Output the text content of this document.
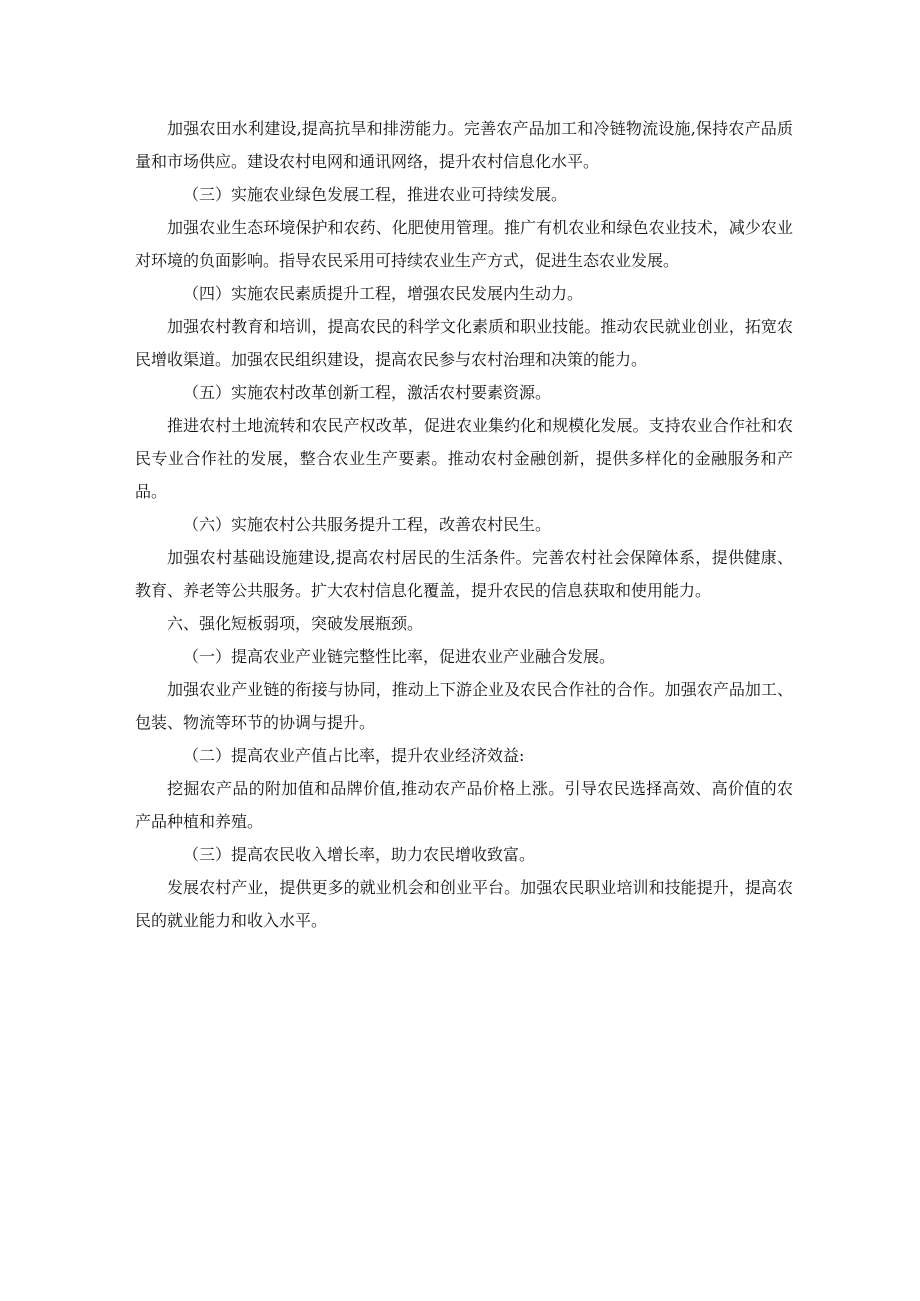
加强农田水利建设,提高抗旱和排涝能力。完善农产品加工和冷链物流设施,保持农产品质量和市场供应。建设农村电网和通讯网络，提升农村信息化水平。

（三）实施农业绿色发展工程，推进农业可持续发展。

加强农业生态环境保护和农药、化肥使用管理。推广有机农业和绿色农业技术，减少农业对环境的负面影响。指导农民采用可持续农业生产方式，促进生态农业发展。

（四）实施农民素质提升工程，增强农民发展内生动力。

加强农村教育和培训，提高农民的科学文化素质和职业技能。推动农民就业创业，拓宽农民增收渠道。加强农民组织建设，提高农民参与农村治理和决策的能力。

（五）实施农村改革创新工程，激活农村要素资源。

推进农村土地流转和农民产权改革，促进农业集约化和规模化发展。支持农业合作社和农民专业合作社的发展，整合农业生产要素。推动农村金融创新，提供多样化的金融服务和产品。

（六）实施农村公共服务提升工程，改善农村民生。

加强农村基础设施建设,提高农村居民的生活条件。完善农村社会保障体系，提供健康、教育、养老等公共服务。扩大农村信息化覆盖，提升农民的信息获取和使用能力。

六、强化短板弱项，突破发展瓶颈。

（一）提高农业产业链完整性比率，促进农业产业融合发展。

加强农业产业链的衔接与协同，推动上下游企业及农民合作社的合作。加强农产品加工、包装、物流等环节的协调与提升。

（二）提高农业产值占比率，提升农业经济效益:

挖掘农产品的附加值和品牌价值,推动农产品价格上涨。引导农民选择高效、高价值的农产品种植和养殖。

（三）提高农民收入增长率，助力农民增收致富。

发展农村产业，提供更多的就业机会和创业平台。加强农民职业培训和技能提升，提高农民的就业能力和收入水平。
